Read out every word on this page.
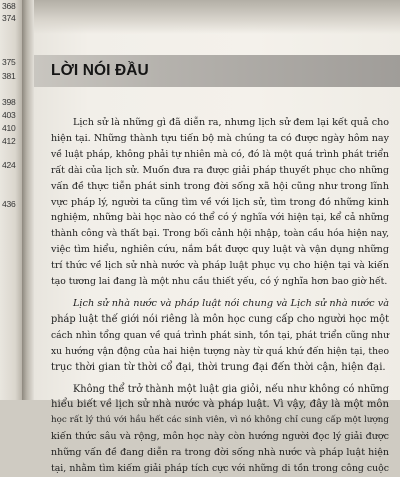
368
374
375
381
398
403
410
412
424
436
LỜI NÓI ĐẦU

Lịch sử là những gì đã diễn ra, nhưng lịch sử đem lại kết quả cho
hiện tại. Những thành tựu tiến bộ mà chúng ta có được ngày hôm nay
về luật pháp, không phải tự nhiên mà có, đó là một quá trình phát triển
rất dài của lịch sử. Muốn đưa ra được giải pháp thuyết phục cho những
vấn đề thực tiễn phát sinh trong đời sống xã hội cũng như trong lĩnh
vực pháp lý, người ta cũng tìm về với lịch sử, tìm trong đó những kinh
nghiệm, những bài học nào có thể có ý nghĩa với hiện tại, kể cả những
thành công và thất bại. Trong bối cảnh hội nhập, toàn cầu hóa hiện nay,
việc tìm hiểu, nghiên cứu, nắm bắt được quy luật và vận dụng những
trí thức về lịch sử nhà nước và pháp luật phục vụ cho hiện tại và kiến
tạo tương lai đang là một nhu cầu thiết yếu, có ý nghĩa hơn bao giờ hết.

Lịch sử nhà nước và pháp luật nói chung và Lịch sử nhà nước và
pháp luật thế giới nói riêng là môn học cung cấp cho người học một
cách nhìn tổng quan về quá trình phát sinh, tồn tại, phát triển cũng như
xu hướng vận động của hai hiện tượng này từ quá khứ đến hiện tại, theo
trục thời gian từ thời cổ đại, thời trung đại đến thời cận, hiện đại.

Không thể trở thành một luật gia giỏi, nếu như không có những
hiểu biết về lịch sử nhà nước và pháp luật. Vì vậy, đây là một môn
học rất lý thú với hầu hết các sinh viên, vì nó không chỉ cung cấp một lượng
kiến thức sâu và rộng, môn học này còn hướng người đọc lý giải được
những vấn đề đang diễn ra trong đời sống nhà nước và pháp luật hiện
tại, nhằm tìm kiếm giải pháp tích cực với những di tồn trong công cuộc
